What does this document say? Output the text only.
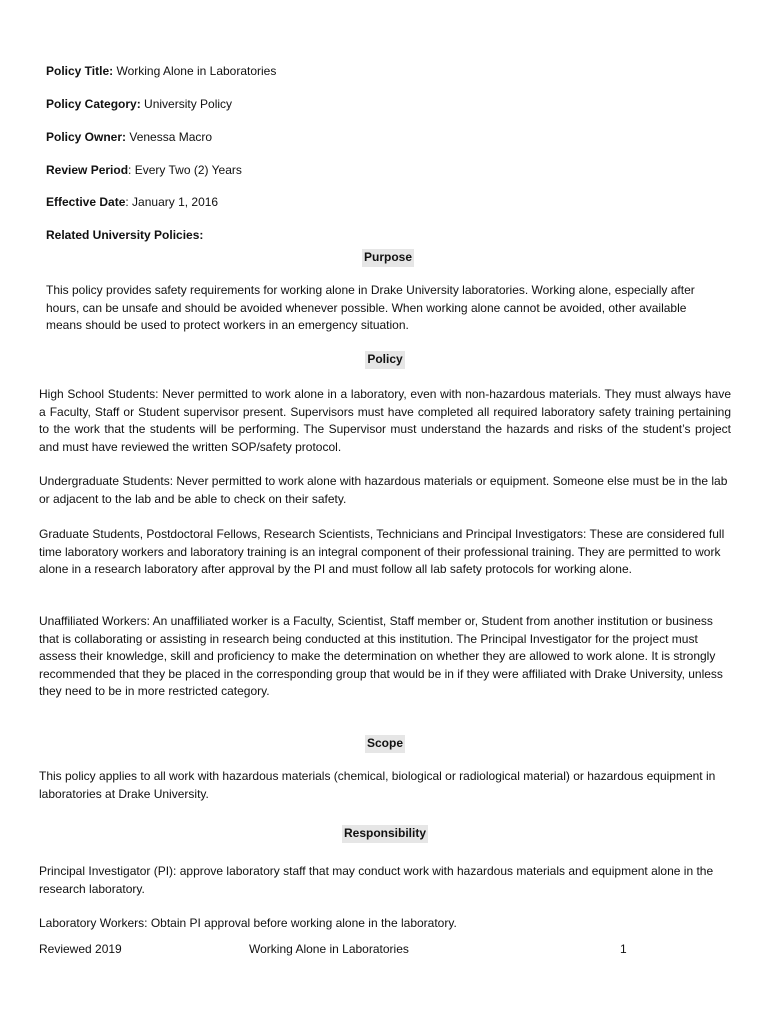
Policy Title: Working Alone in Laboratories
Policy Category: University Policy
Policy Owner: Venessa Macro
Review Period: Every Two (2) Years
Effective Date: January 1, 2016
Related University Policies:
Purpose
This policy provides safety requirements for working alone in Drake University laboratories. Working alone, especially after hours, can be unsafe and should be avoided whenever possible. When working alone cannot be avoided, other available means should be used to protect workers in an emergency situation.
Policy
High School Students: Never permitted to work alone in a laboratory, even with non-hazardous materials. They must always have a Faculty, Staff or Student supervisor present. Supervisors must have completed all required laboratory safety training pertaining to the work that the students will be performing. The Supervisor must understand the hazards and risks of the student’s project and must have reviewed the written SOP/safety protocol.
Undergraduate Students: Never permitted to work alone with hazardous materials or equipment. Someone else must be in the lab or adjacent to the lab and be able to check on their safety.
Graduate Students, Postdoctoral Fellows, Research Scientists, Technicians and Principal Investigators: These are considered full time laboratory workers and laboratory training is an integral component of their professional training. They are permitted to work alone in a research laboratory after approval by the PI and must follow all lab safety protocols for working alone.
Unaffiliated Workers: An unaffiliated worker is a Faculty, Scientist, Staff member or, Student from another institution or business that is collaborating or assisting in research being conducted at this institution. The Principal Investigator for the project must assess their knowledge, skill and proficiency to make the determination on whether they are allowed to work alone. It is strongly recommended that they be placed in the corresponding group that would be in if they were affiliated with Drake University, unless they need to be in more restricted category.
Scope
This policy applies to all work with hazardous materials (chemical, biological or radiological material) or hazardous equipment in laboratories at Drake University.
Responsibility
Principal Investigator (PI): approve laboratory staff that may conduct work with hazardous materials and equipment alone in the research laboratory.
Laboratory Workers: Obtain PI approval before working alone in the laboratory.
Reviewed 2019	Working Alone in Laboratories	1
